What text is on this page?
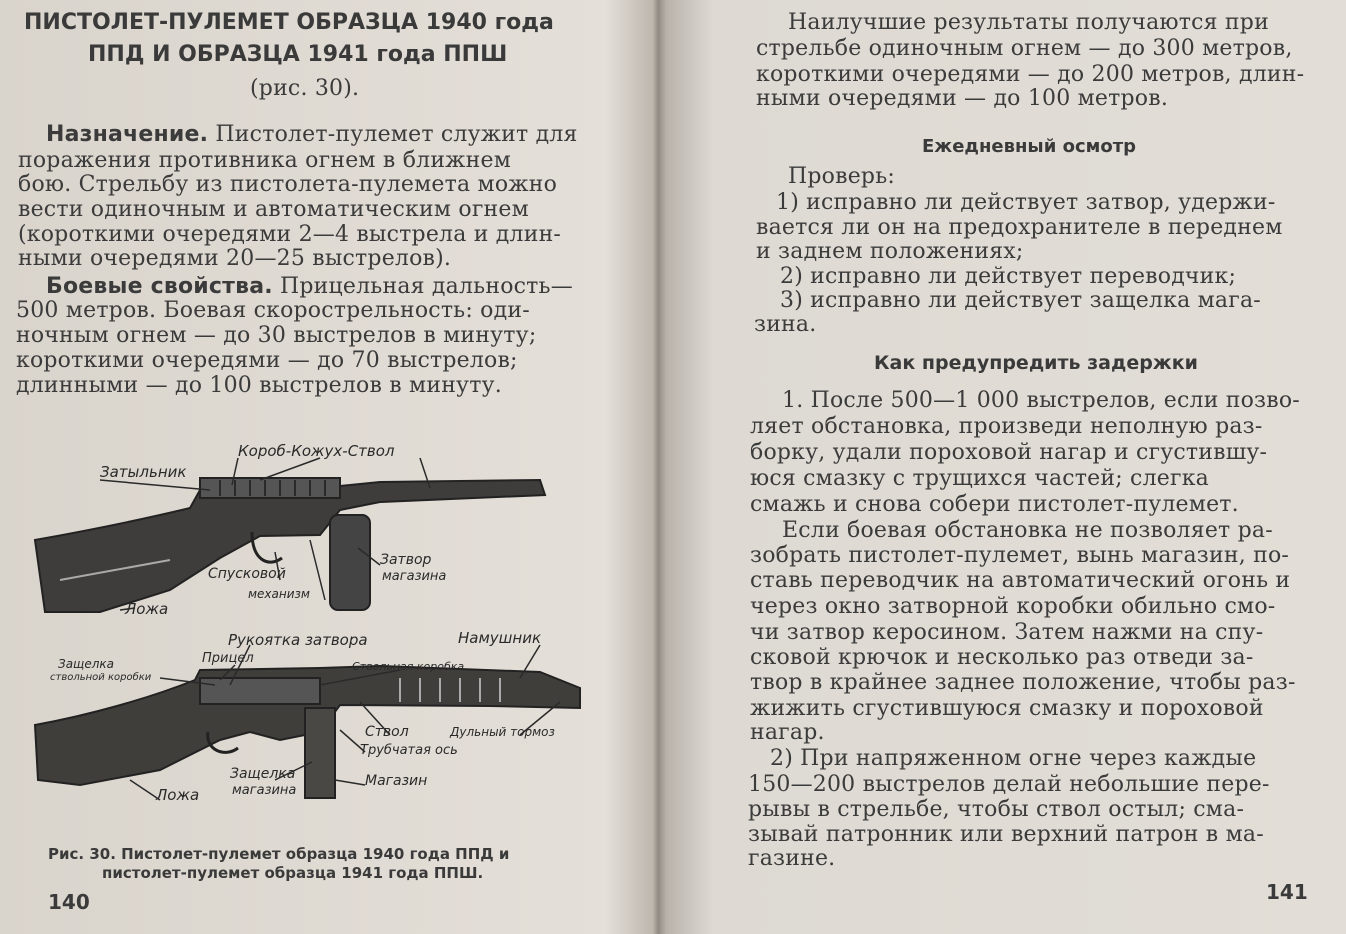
ПИСТОЛЕТ-ПУЛЕМЕТ ОБРАЗЦА 1940 года
ППД И ОБРАЗЦА 1941 года ППШ
(рис. 30).
Назначение. Пистолет-пулемет служит для
поражения противника огнем в ближнем
бою. Стрельбу из пистолета-пулемета можно
вести одиночным и автоматическим огнем
(короткими очередями 2—4 выстрела и длин-
ными очередями 20—25 выстрелов).
Боевые свойства. Прицельная дальность—
500 метров. Боевая скорострельность: оди-
ночным огнем — до 30 выстрелов в минуту;
короткими очередями — до 70 выстрелов;
длинными — до 100 выстрелов в минуту.
Затыльник
Короб-Кожух-Ствол
Затвор
магазина
Спусковой
механизм
Ложа
Рукоятка затвора	Намушник
Защелка
ствольной коробки
Прицел
Ствольная коробка
Ствол	Дульный тормоз
Трубчатая ось
Защелка
магазина
Магазин
Ложа
Рис. 30. Пистолет-пулемет образца 1940 года ППД и
пистолет-пулемет образца 1941 года ППШ.
140
Наилучшие результаты получаются при
стрельбе одиночным огнем — до 300 метров,
короткими очередями — до 200 метров, длин-
ными очередями — до 100 метров.
Ежедневный осмотр
Проверь:
1) исправно ли действует затвор, удержи-
вается ли он на предохранителе в переднем
и заднем положениях;
2) исправно ли действует переводчик;
3) исправно ли действует защелка мага-
зина.
Как предупредить задержки
1. После 500—1 000 выстрелов, если позво-
ляет обстановка, произведи неполную раз-
борку, удали пороховой нагар и сгустившу-
юся смазку с трущихся частей; слегка
смажь и снова собери пистолет-пулемет.
Если боевая обстановка не позволяет ра-
зобрать пистолет-пулемет, вынь магазин, по-
ставь переводчик на автоматический огонь и
через окно затворной коробки обильно смо-
чи затвор керосином. Затем нажми на спу-
сковой крючок и несколько раз отведи за-
твор в крайнее заднее положение, чтобы раз-
жижить сгустившуюся смазку и пороховой
нагар.
2) При напряженном огне через каждые
150—200 выстрелов делай небольшие пере-
рывы в стрельбе, чтобы ствол остыл; сма-
зывай патронник или верхний патрон в ма-
газине.
141
